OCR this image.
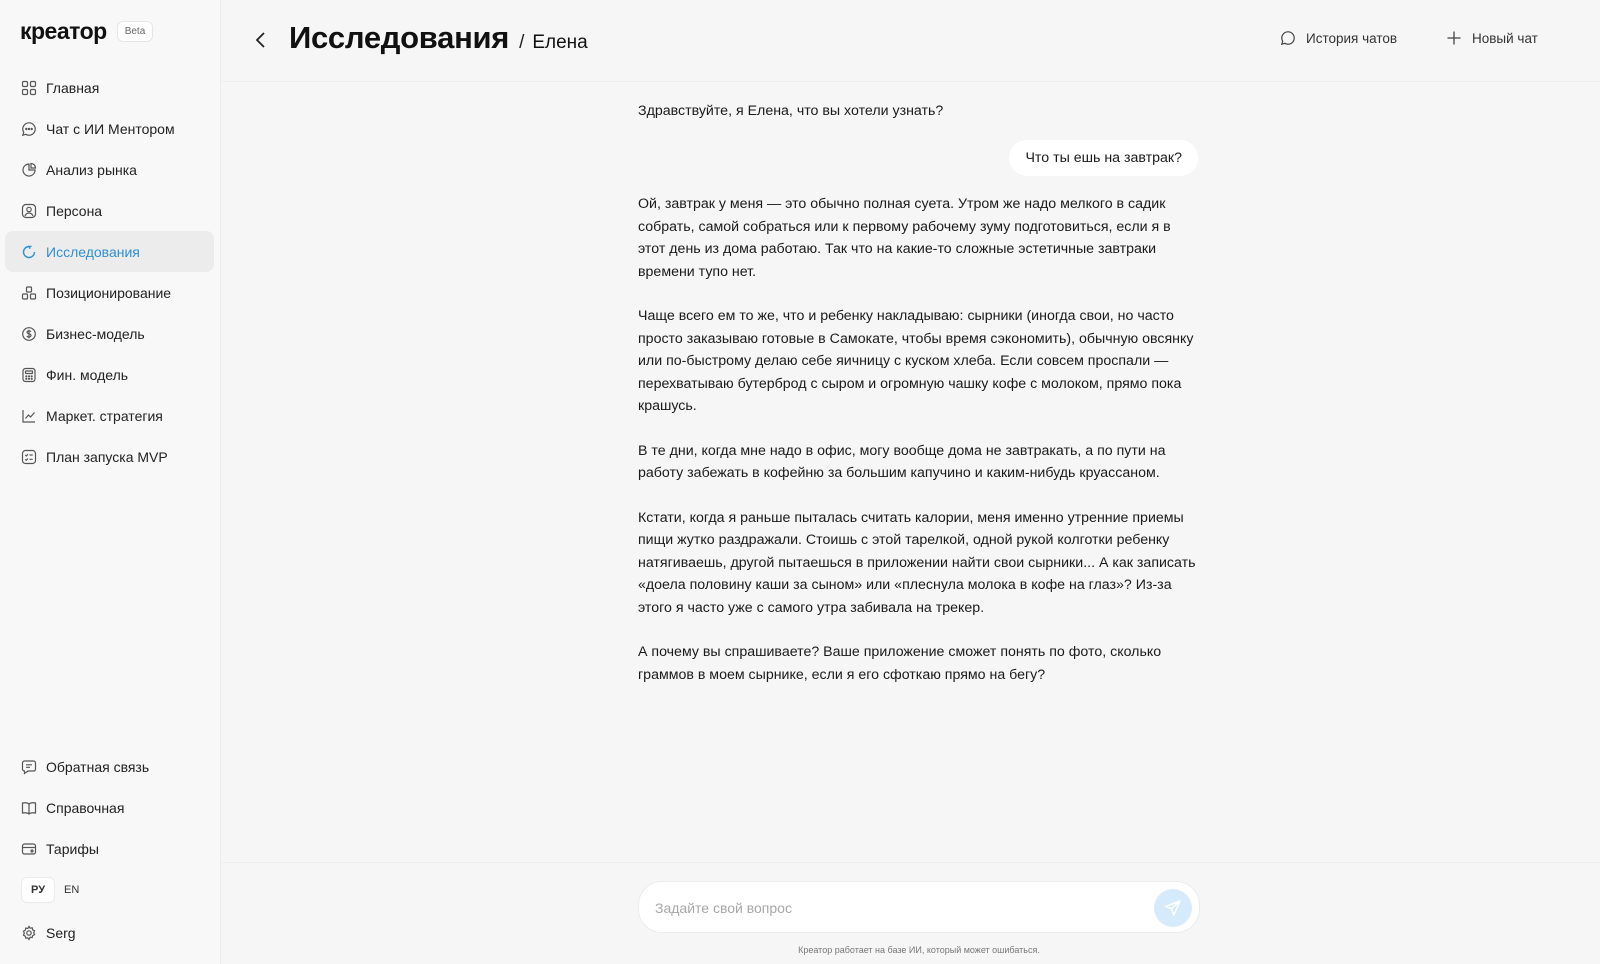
креатор	Beta
Главная
Чат с ИИ Ментором
Анализ рынка
Персона
Исследования
Позиционирование
Бизнес-модель
Фин. модель
Маркет. стратегия
План запуска MVP
Обратная связь
Справочная
Тарифы
РУ	EN
Serg
Исследования / Елена	История чатов	Новый чат

Здравствуйте, я Елена, что вы хотели узнать?

Что ты ешь на завтрак?

Ой, завтрак у меня — это обычно полная суета. Утром же надо мелкого в садик собрать, самой собраться или к первому рабочему зуму подготовиться, если я в этот день из дома работаю. Так что на какие-то сложные эстетичные завтраки времени тупо нет.

Чаще всего ем то же, что и ребенку накладываю: сырники (иногда свои, но часто просто заказываю готовые в Самокате, чтобы время сэкономить), обычную овсянку или по-быстрому делаю себе яичницу с куском хлеба. Если совсем проспали — перехватываю бутерброд с сыром и огромную чашку кофе с молоком, прямо пока крашусь.

В те дни, когда мне надо в офис, могу вообще дома не завтракать, а по пути на работу забежать в кофейню за большим капучино и каким-нибудь круассаном.

Кстати, когда я раньше пыталась считать калории, меня именно утренние приемы пищи жутко раздражали. Стоишь с этой тарелкой, одной рукой колготки ребенку натягиваешь, другой пытаешься в приложении найти свои сырники... А как записать «доела половину каши за сыном» или «плеснула молока в кофе на глаз»? Из-за этого я часто уже с самого утра забивала на трекер.

А почему вы спрашиваете? Ваше приложение сможет понять по фото, сколько граммов в моем сырнике, если я его сфоткаю прямо на бегу?

Задайте свой вопрос
Креатор работает на базе ИИ, который может ошибаться.
